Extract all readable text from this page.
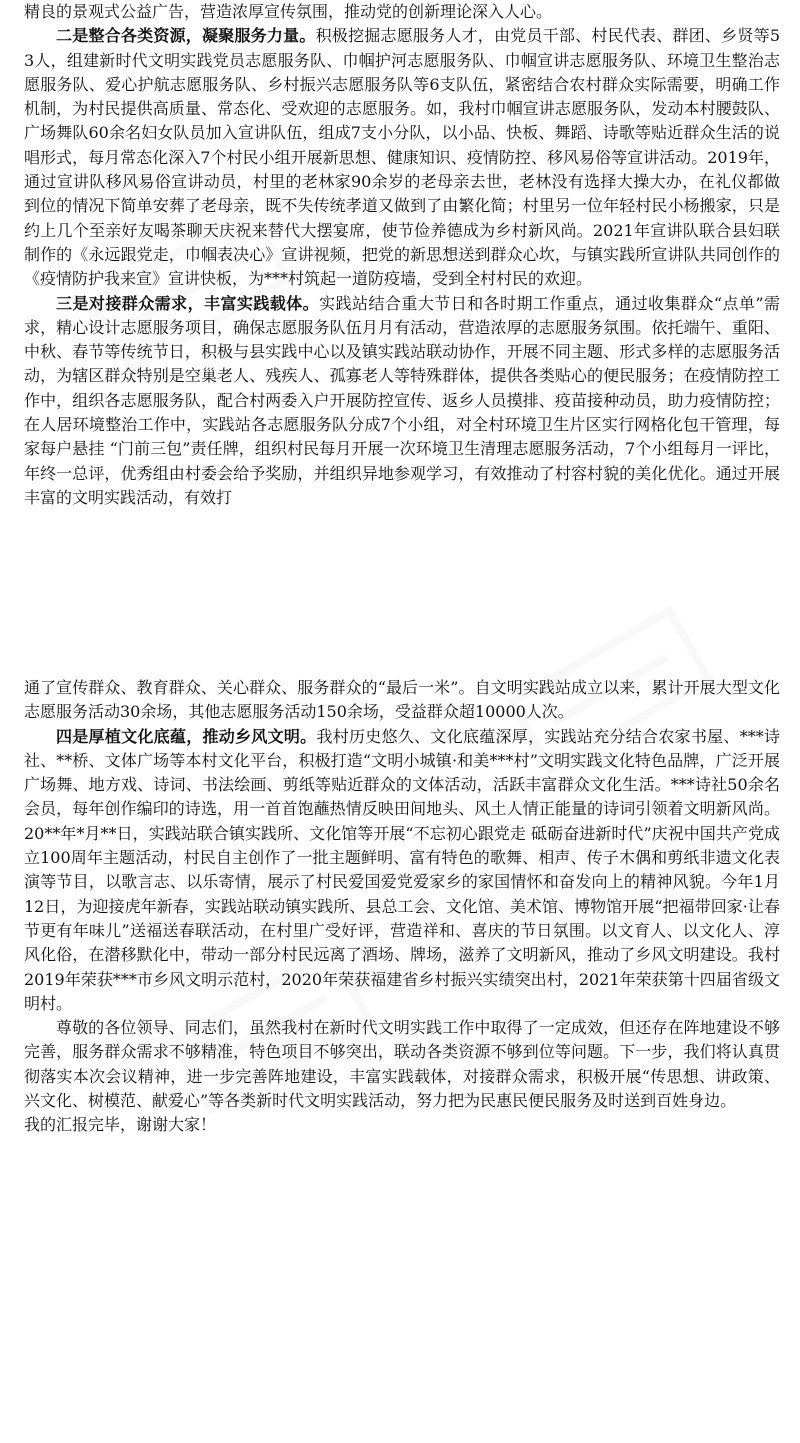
精良的景观式公益广告，营造浓厚宣传氛围，推动党的创新理论深入人心。

二是整合各类资源，凝聚服务力量。积极挖掘志愿服务人才，由党员干部、村民代表、群团、乡贤等53人，组建新时代文明实践党员志愿服务队、巾帼护河志愿服务队、巾帼宣讲志愿服务队、环境卫生整治志愿服务队、爱心护航志愿服务队、乡村振兴志愿服务队等6支队伍，紧密结合农村群众实际需要，明确工作机制，为村民提供高质量、常态化、受欢迎的志愿服务。如，我村巾帼宣讲志愿服务队，发动本村腰鼓队、广场舞队60余名妇女队员加入宣讲队伍，组成7支小分队，以小品、快板、舞蹈、诗歌等贴近群众生活的说唱形式，每月常态化深入7个村民小组开展新思想、健康知识、疫情防控、移风易俗等宣讲活动。2019年，通过宣讲队移风易俗宣讲动员，村里的老林家90余岁的老母亲去世，老林没有选择大操大办，在礼仪都做到位的情况下简单安葬了老母亲，既不失传统孝道又做到了由繁化简；村里另一位年轻村民小杨搬家，只是约上几个至亲好友喝茶聊天庆祝来替代大摆宴席，使节俭养德成为乡村新风尚。2021年宣讲队联合县妇联制作的《永远跟党走，巾帼表决心》宣讲视频，把党的新思想送到群众心坎，与镇实践所宣讲队共同创作的《疫情防护我来宣》宣讲快板，为***村筑起一道防疫墙，受到全村村民的欢迎。

三是对接群众需求，丰富实践载体。实践站结合重大节日和各时期工作重点，通过收集群众“点单”需求，精心设计志愿服务项目，确保志愿服务队伍月月有活动，营造浓厚的志愿服务氛围。依托端午、重阳、中秋、春节等传统节日，积极与县实践中心以及镇实践站联动协作，开展不同主题、形式多样的志愿服务活动，为辖区群众特别是空巢老人、残疾人、孤寡老人等特殊群体，提供各类贴心的便民服务；在疫情防控工作中，组织各志愿服务队，配合村两委入户开展防控宣传、返乡人员摸排、疫苗接种动员，助力疫情防控；在人居环境整治工作中，实践站各志愿服务队分成7个小组，对全村环境卫生片区实行网格化包干管理，每家每户悬挂 “门前三包”责任牌，组织村民每月开展一次环境卫生清理志愿服务活动，7个小组每月一评比，年终一总评，优秀组由村委会给予奖励，并组织异地参观学习，有效推动了村容村貌的美化优化。通过开展丰富的文明实践活动，有效打

通了宣传群众、教育群众、关心群众、服务群众的“最后一米”。自文明实践站成立以来，累计开展大型文化志愿服务活动30余场，其他志愿服务活动150余场，受益群众超10000人次。

四是厚植文化底蕴，推动乡风文明。我村历史悠久、文化底蕴深厚，实践站充分结合农家书屋、***诗社、**桥、文体广场等本村文化平台，积极打造“文明小城镇·和美***村”文明实践文化特色品牌，广泛开展广场舞、地方戏、诗词、书法绘画、剪纸等贴近群众的文体活动，活跃丰富群众文化生活。***诗社50余名会员，每年创作编印的诗选，用一首首饱蘸热情反映田间地头、风土人情正能量的诗词引领着文明新风尚。20**年*月**日，实践站联合镇实践所、文化馆等开展“不忘初心跟党走 砥砺奋进新时代”庆祝中国共产党成立100周年主题活动，村民自主创作了一批主题鲜明、富有特色的歌舞、相声、传子木偶和剪纸非遗文化表演等节目，以歌言志、以乐寄情，展示了村民爱国爱党爱家乡的家国情怀和奋发向上的精神风貌。今年1月12日，为迎接虎年新春，实践站联动镇实践所、县总工会、文化馆、美术馆、博物馆开展“把福带回家·让春节更有年味儿”送福送春联活动，在村里广受好评，营造祥和、喜庆的节日氛围。以文育人、以文化人、淳风化俗，在潜移默化中，带动一部分村民远离了酒场、牌场，滋养了文明新风，推动了乡风文明建设。我村2019年荣获***市乡风文明示范村，2020年荣获福建省乡村振兴实绩突出村，2021年荣获第十四届省级文明村。

尊敬的各位领导、同志们，虽然我村在新时代文明实践工作中取得了一定成效，但还存在阵地建设不够完善，服务群众需求不够精准，特色项目不够突出，联动各类资源不够到位等问题。下一步，我们将认真贯彻落实本次会议精神，进一步完善阵地建设，丰富实践载体，对接群众需求，积极开展“传思想、讲政策、兴文化、树模范、献爱心”等各类新时代文明实践活动，努力把为民惠民便民服务及时送到百姓身边。

我的汇报完毕，谢谢大家！
